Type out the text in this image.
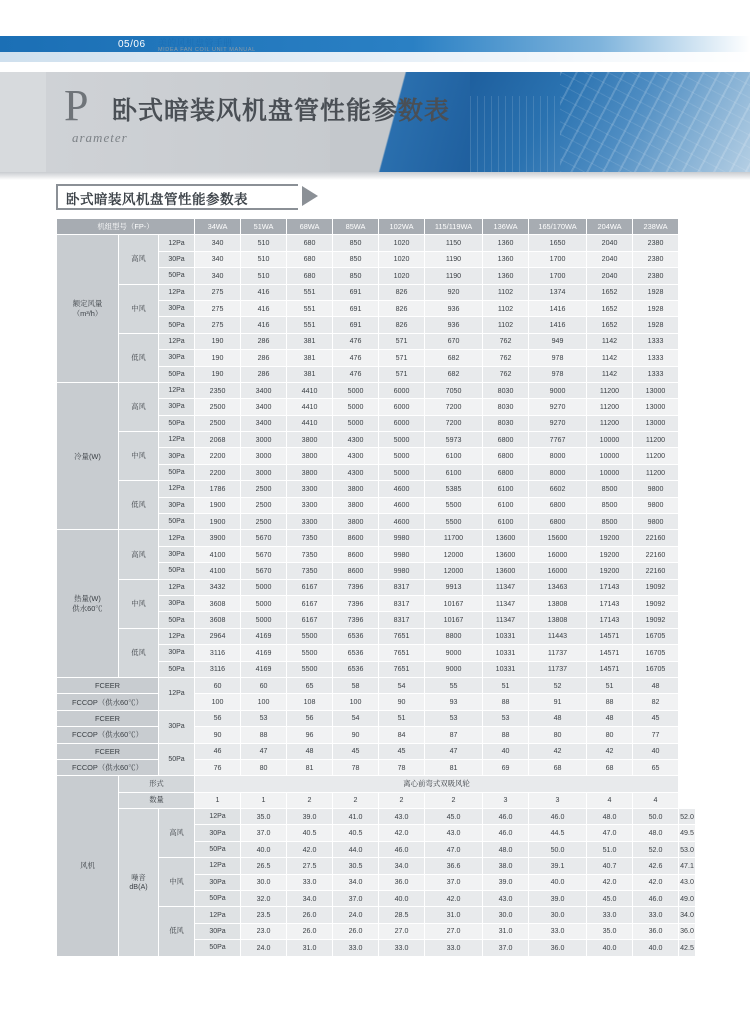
05/06 美的风机盘管手册
MIDEA FAN COIL UNIT MANUAL
P
arameter
卧式暗装风机盘管性能参数表
卧式暗装风机盘管性能参数表
机组型号（FP-）			34WA	51WA	68WA	85WA	102WA	115/119WA	136WA	165/170WA	204WA	238WA	
额定风量
（m³/h）	高风	12Pa	340	510	680	850	1020	1150	1360	1650	2040	2380	
		30Pa	340	510	680	850	1020	1190	1360	1700	2040	2380	
		50Pa	340	510	680	850	1020	1190	1360	1700	2040	2380	
	中风	12Pa	275	416	551	691	826	920	1102	1374	1652	1928	
		30Pa	275	416	551	691	826	936	1102	1416	1652	1928	
		50Pa	275	416	551	691	826	936	1102	1416	1652	1928	
	低风	12Pa	190	286	381	476	571	670	762	949	1142	1333	
		30Pa	190	286	381	476	571	682	762	978	1142	1333	
		50Pa	190	286	381	476	571	682	762	978	1142	1333	
冷量(W)	高风	12Pa	2350	3400	4410	5000	6000	7050	8030	9000	11200	13000	
		30Pa	2500	3400	4410	5000	6000	7200	8030	9270	11200	13000	
		50Pa	2500	3400	4410	5000	6000	7200	8030	9270	11200	13000	
	中风	12Pa	2068	3000	3800	4300	5000	5973	6800	7767	10000	11200	
		30Pa	2200	3000	3800	4300	5000	6100	6800	8000	10000	11200	
		50Pa	2200	3000	3800	4300	5000	6100	6800	8000	10000	11200	
	低风	12Pa	1786	2500	3300	3800	4600	5385	6100	6602	8500	9800	
		30Pa	1900	2500	3300	3800	4600	5500	6100	6800	8500	9800	
		50Pa	1900	2500	3300	3800	4600	5500	6100	6800	8500	9800	
热量(W)
供水60℃	高风	12Pa	3900	5670	7350	8600	9980	11700	13600	15600	19200	22160	
		30Pa	4100	5670	7350	8600	9980	12000	13600	16000	19200	22160	
		50Pa	4100	5670	7350	8600	9980	12000	13600	16000	19200	22160	
	中风	12Pa	3432	5000	6167	7396	8317	9913	11347	13463	17143	19092	
		30Pa	3608	5000	6167	7396	8317	10167	11347	13808	17143	19092	
		50Pa	3608	5000	6167	7396	8317	10167	11347	13808	17143	19092	
	低风	12Pa	2964	4169	5500	6536	7651	8800	10331	11443	14571	16705	
		30Pa	3116	4169	5500	6536	7651	9000	10331	11737	14571	16705	
		50Pa	3116	4169	5500	6536	7651	9000	10331	11737	14571	16705	
FCEER		12Pa	60	60	65	58	54	55	51	52	51	48	
FCCOP（供水60℃）			100	100	108	100	90	93	88	91	88	82	
FCEER		30Pa	56	53	56	54	51	53	53	48	48	45	
FCCOP（供水60℃）			90	88	96	90	84	87	88	80	80	77	
FCEER		50Pa	46	47	48	45	45	47	40	42	42	40	
FCCOP（供水60℃）			76	80	81	78	78	81	69	68	68	65	
风机	形式		离心前弯式双吸风轮										
	数量		1	1	2	2	2	2	3	3	4	4	
	噪音
dB(A)	高风	12Pa	35.0	39.0	41.0	43.0	45.0	46.0	46.0	48.0	50.0	52.0
			30Pa	37.0	40.5	40.5	42.0	43.0	46.0	44.5	47.0	48.0	49.5
			50Pa	40.0	42.0	44.0	46.0	47.0	48.0	50.0	51.0	52.0	53.0
		中风	12Pa	26.5	27.5	30.5	34.0	36.6	38.0	39.1	40.7	42.6	47.1
			30Pa	30.0	33.0	34.0	36.0	37.0	39.0	40.0	42.0	42.0	43.0
			50Pa	32.0	34.0	37.0	40.0	42.0	43.0	39.0	45.0	46.0	49.0
		低风	12Pa	23.5	26.0	24.0	28.5	31.0	30.0	30.0	33.0	33.0	34.0
			30Pa	23.0	26.0	26.0	27.0	27.0	31.0	33.0	35.0	36.0	36.0
			50Pa	24.0	31.0	33.0	33.0	33.0	37.0	36.0	40.0	40.0	42.5
